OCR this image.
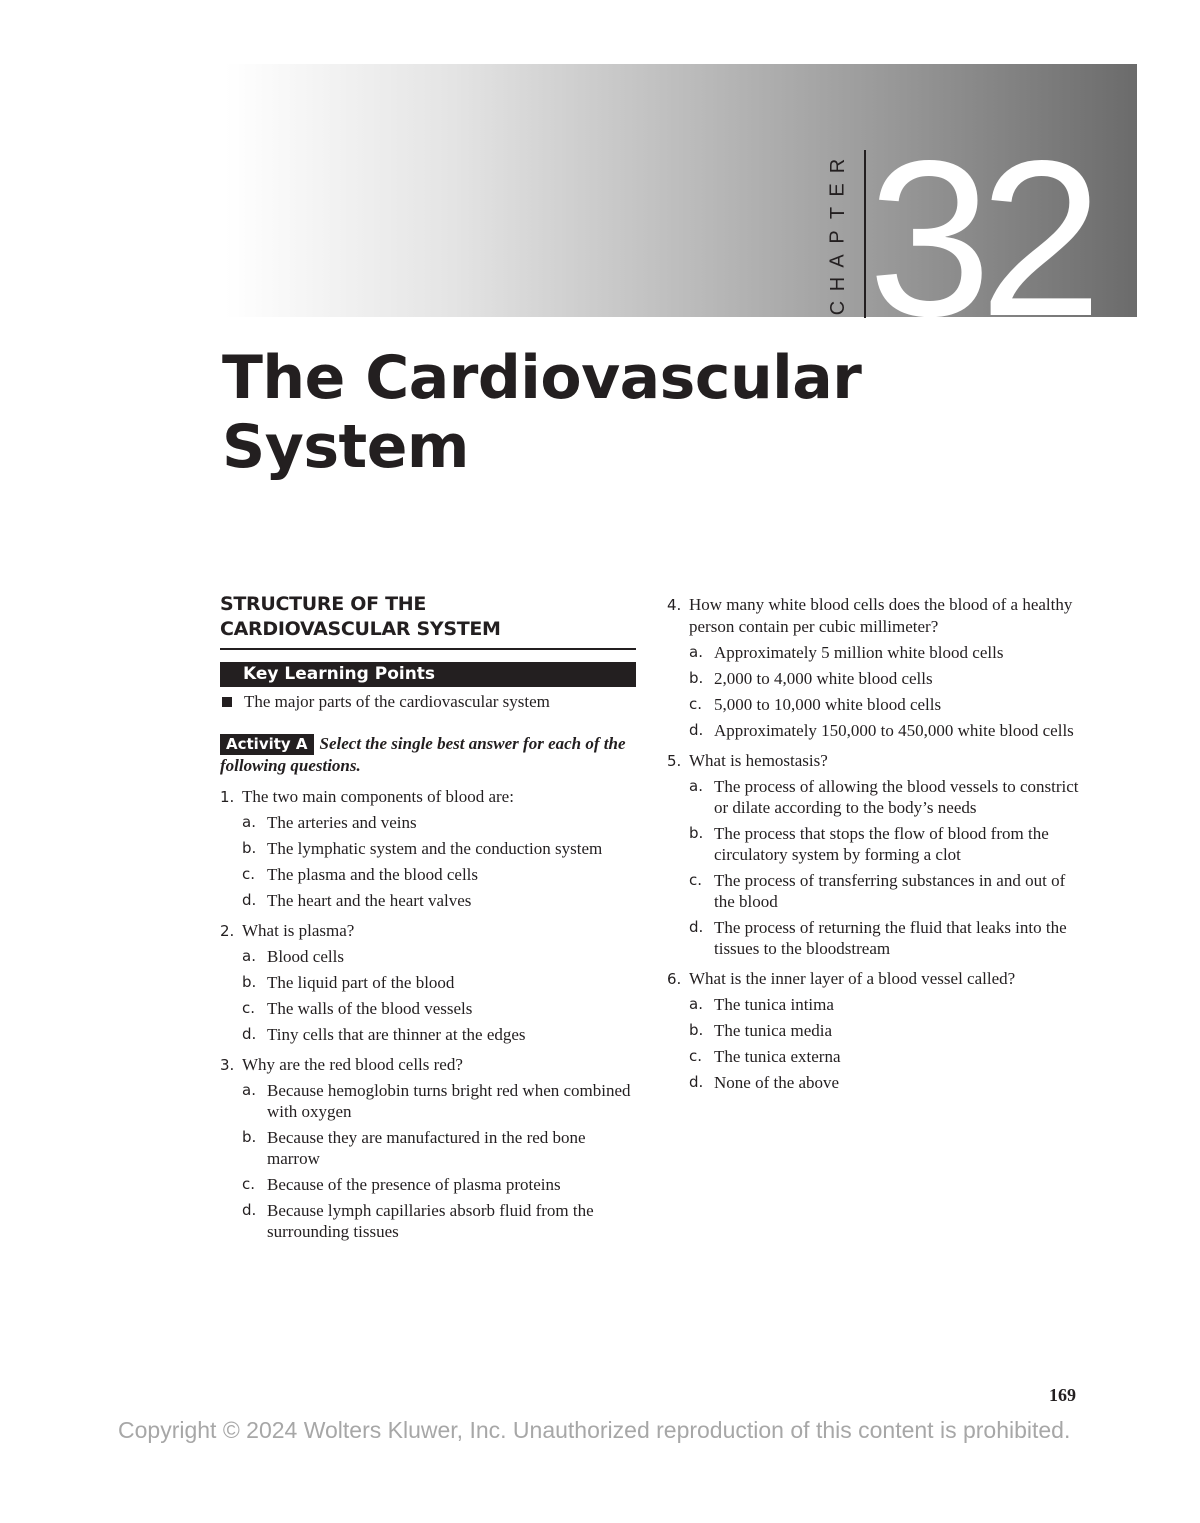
R
E
T
P
A
H
C 32
The Cardiovascular
System
STRUCTURE OF THE
CARDIOVASCULAR SYSTEM
Key Learning Points
The major parts of the cardiovascular system
Activity A Select the single best answer for each of the following questions.
1. The two main components of blood are:
a. The arteries and veins
b. The lymphatic system and the conduction system
c. The plasma and the blood cells
d. The heart and the heart valves
2. What is plasma?
a. Blood cells
b. The liquid part of the blood
c. The walls of the blood vessels
d. Tiny cells that are thinner at the edges
3. Why are the red blood cells red?
a. Because hemoglobin turns bright red when combined with oxygen
b. Because they are manufactured in the red bone marrow
c. Because of the presence of plasma proteins
d. Because lymph capillaries absorb fluid from the surrounding tissues
4. How many white blood cells does the blood of a healthy person contain per cubic millimeter?
a. Approximately 5 million white blood cells
b. 2,000 to 4,000 white blood cells
c. 5,000 to 10,000 white blood cells
d. Approximately 150,000 to 450,000 white blood cells
5. What is hemostasis?
a. The process of allowing the blood vessels to constrict or dilate according to the body’s needs
b. The process that stops the flow of blood from the circulatory system by forming a clot
c. The process of transferring substances in and out of the blood
d. The process of returning the fluid that leaks into the tissues to the bloodstream
6. What is the inner layer of a blood vessel called?
a. The tunica intima
b. The tunica media
c. The tunica externa
d. None of the above
169
Copyright © 2024 Wolters Kluwer, Inc. Unauthorized reproduction of this content is prohibited.
